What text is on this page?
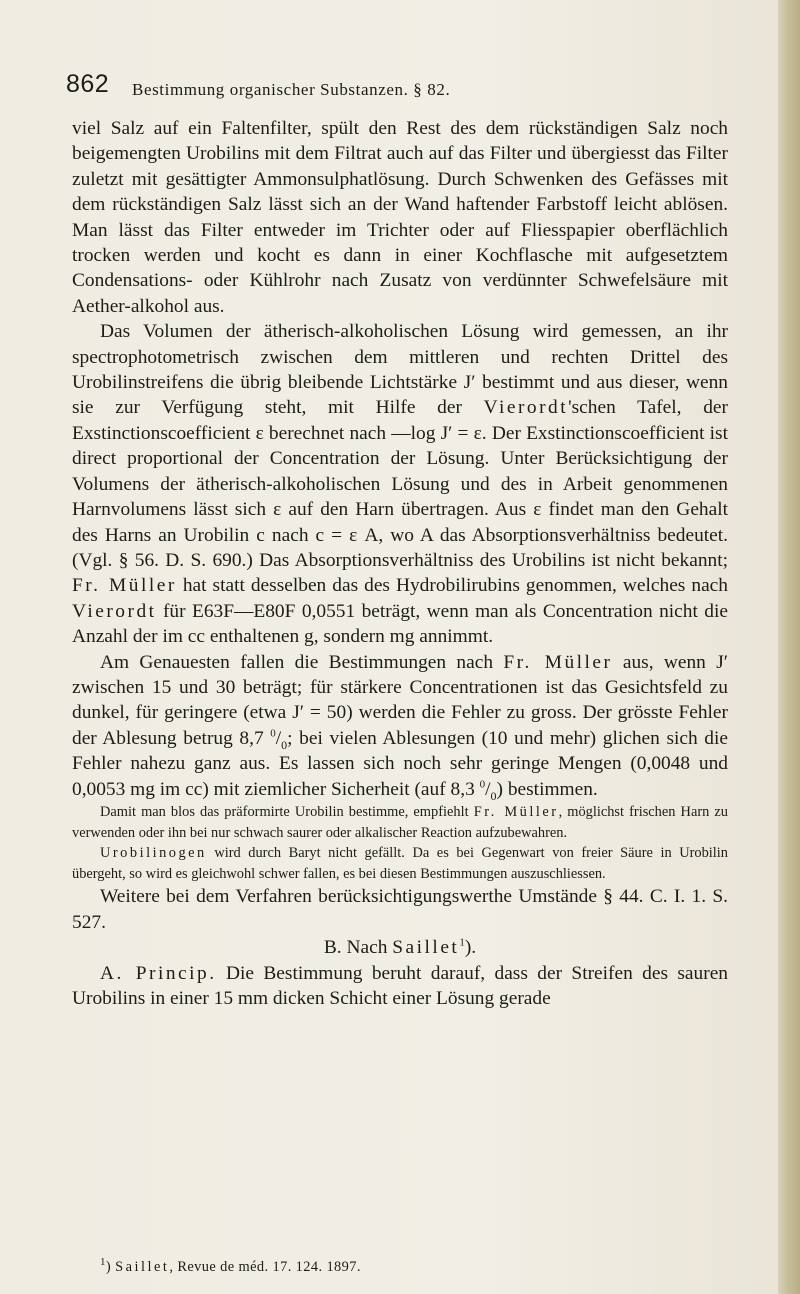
862 Bestimmung organischer Substanzen. § 82.

viel Salz auf ein Faltenfilter, spült den Rest des dem rückständigen Salz noch beigemengten Urobilins mit dem Filtrat auch auf das Filter und übergiesst das Filter zuletzt mit gesättigter Ammonsulphatlösung. Durch Schwenken des Gefässes mit dem rückständigen Salz lässt sich an der Wand haftender Farbstoff leicht ablösen. Man lässt das Filter entweder im Trichter oder auf Fliesspapier oberflächlich trocken werden und kocht es dann in einer Kochflasche mit aufgesetztem Condensations- oder Kühlrohr nach Zusatz von verdünnter Schwefelsäure mit Aether-alkohol aus.

Das Volumen der ätherisch-alkoholischen Lösung wird gemessen, an ihr spectrophotometrisch zwischen dem mittleren und rechten Drittel des Urobilinstreifens die übrig bleibende Lichtstärke J′ bestimmt und aus dieser, wenn sie zur Verfügung steht, mit Hilfe der Vierordt'schen Tafel, der Exstinctionscoefficient ε berechnet nach —log J′ = ε. Der Exstinctionscoefficient ist direct proportional der Concentration der Lösung. Unter Berücksichtigung der Volumens der ätherisch-alkoholischen Lösung und des in Arbeit genommenen Harnvolumens lässt sich ε auf den Harn übertragen. Aus ε findet man den Gehalt des Harns an Urobilin c nach c = ε A, wo A das Absorptionsverhältniss bedeutet. (Vgl. § 56. D. S. 690.) Das Absorptionsverhältniss des Urobilins ist nicht bekannt; Fr. Müller hat statt desselben das des Hydrobilirubins genommen, welches nach Vierordt für E63F—E80F 0,0551 beträgt, wenn man als Concentration nicht die Anzahl der im cc enthaltenen g, sondern mg annimmt.

Am Genauesten fallen die Bestimmungen nach Fr. Müller aus, wenn J′ zwischen 15 und 30 beträgt; für stärkere Concentrationen ist das Gesichtsfeld zu dunkel, für geringere (etwa J′ = 50) werden die Fehler zu gross. Der grösste Fehler der Ablesung betrug 8,7 $^0/_0$; bei vielen Ablesungen (10 und mehr) glichen sich die Fehler nahezu ganz aus. Es lassen sich noch sehr geringe Mengen (0,0048 und 0,0053 mg im cc) mit ziemlicher Sicherheit (auf 8,3 $^0/_0$) bestimmen.

Damit man blos das präformirte Urobilin bestimme, empfiehlt Fr. Müller, möglichst frischen Harn zu verwenden oder ihn bei nur schwach saurer oder alkalischer Reaction aufzubewahren.

Urobilinogen wird durch Baryt nicht gefällt. Da es bei Gegenwart von freier Säure in Urobilin übergeht, so wird es gleichwohl schwer fallen, es bei diesen Bestimmungen auszuschliessen.

Weitere bei dem Verfahren berücksichtigungswerthe Umstände § 44. C. I. 1. S. 527.

B. Nach Saillet$^1$).

A. Princip. Die Bestimmung beruht darauf, dass der Streifen des sauren Urobilins in einer 15 mm dicken Schicht einer Lösung gerade

$^1$) Saillet, Revue de méd. 17. 124. 1897.
